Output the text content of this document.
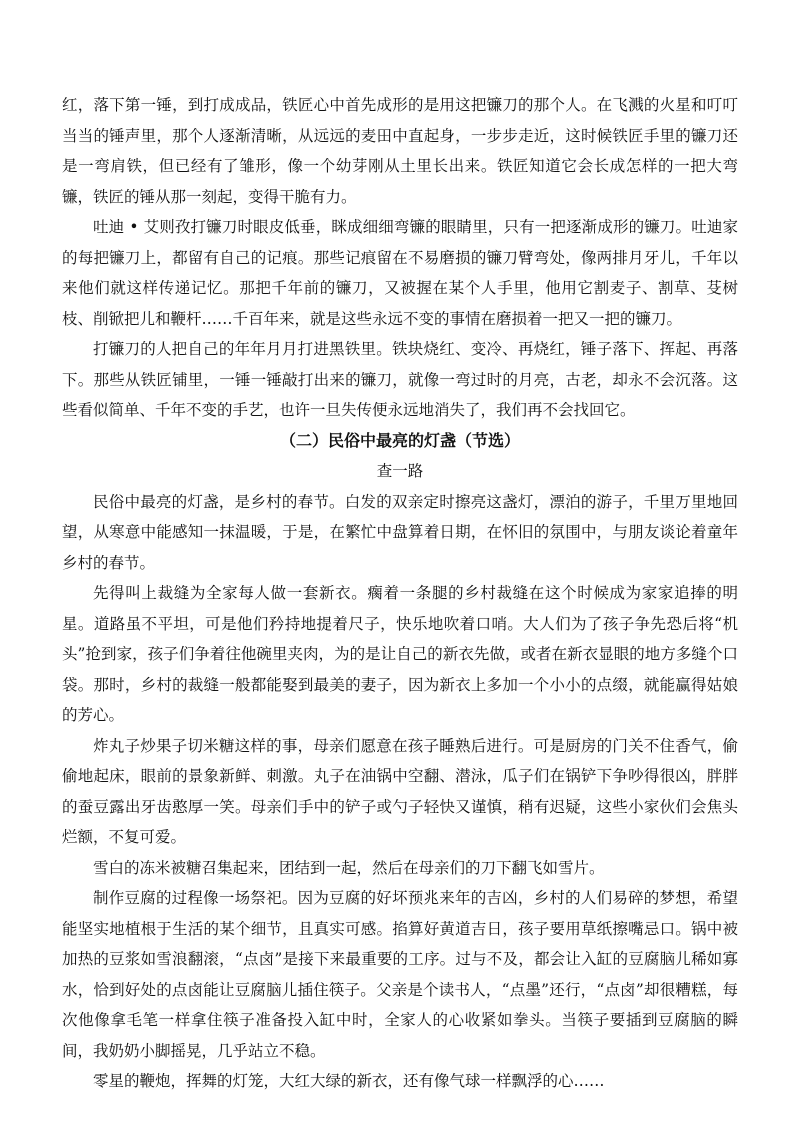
红，落下第一锤，到打成成品，铁匠心中首先成形的是用这把镰刀的那个人。在飞溅的火星和叮叮当当的锤声里，那个人逐渐清晰，从远远的麦田中直起身，一步步走近，这时候铁匠手里的镰刀还是一弯肩铁，但已经有了雏形，像一个幼芽刚从土里长出来。铁匠知道它会长成怎样的一把大弯镰，铁匠的锤从那一刻起，变得干脆有力。

吐迪 • 艾则孜打镰刀时眼皮低垂，眯成细细弯镰的眼睛里，只有一把逐渐成形的镰刀。吐迪家的每把镰刀上，都留有自己的记痕。那些记痕留在不易磨损的镰刀臂弯处，像两排月牙儿，千年以来他们就这样传递记忆。那把千年前的镰刀，又被握在某个人手里，他用它割麦子、割草、芟树枝、削锨把儿和鞭杆……千百年来，就是这些永远不变的事情在磨损着一把又一把的镰刀。

打镰刀的人把自己的年年月月打进黑铁里。铁块烧红、变冷、再烧红，锤子落下、挥起、再落下。那些从铁匠铺里，一锤一锤敲打出来的镰刀，就像一弯过时的月亮，古老，却永不会沉落。这些看似简单、千年不变的手艺，也许一旦失传便永远地消失了，我们再不会找回它。

（二）民俗中最亮的灯盏（节选）
查一路

民俗中最亮的灯盏，是乡村的春节。白发的双亲定时擦亮这盏灯，漂泊的游子，千里万里地回望，从寒意中能感知一抹温暖，于是，在繁忙中盘算着日期，在怀旧的氛围中，与朋友谈论着童年乡村的春节。

先得叫上裁缝为全家每人做一套新衣。瘸着一条腿的乡村裁缝在这个时候成为家家追捧的明星。道路虽不平坦，可是他们矜持地提着尺子，快乐地吹着口哨。大人们为了孩子争先恐后将“机头”抢到家，孩子们争着往他碗里夹肉，为的是让自己的新衣先做，或者在新衣显眼的地方多缝个口袋。那时，乡村的裁缝一般都能娶到最美的妻子，因为新衣上多加一个小小的点缀，就能赢得姑娘的芳心。

炸丸子炒果子切米糖这样的事，母亲们愿意在孩子睡熟后进行。可是厨房的门关不住香气，偷偷地起床，眼前的景象新鲜、刺激。丸子在油锅中空翻、潜泳，瓜子们在锅铲下争吵得很凶，胖胖的蚕豆露出牙齿憨厚一笑。母亲们手中的铲子或勺子轻快又谨慎，稍有迟疑，这些小家伙们会焦头烂额，不复可爱。

雪白的冻米被糖召集起来，团结到一起，然后在母亲们的刀下翻飞如雪片。

制作豆腐的过程像一场祭祀。因为豆腐的好坏预兆来年的吉凶，乡村的人们易碎的梦想，希望能坚实地植根于生活的某个细节，且真实可感。掐算好黄道吉日，孩子要用草纸擦嘴忌口。锅中被加热的豆浆如雪浪翻滚，“点卤”是接下来最重要的工序。过与不及，都会让入缸的豆腐脑儿稀如寡水，恰到好处的点卤能让豆腐脑儿插住筷子。父亲是个读书人，“点墨”还行，“点卤”却很糟糕，每次他像拿毛笔一样拿住筷子准备投入缸中时，全家人的心收紧如拳头。当筷子要插到豆腐脑的瞬间，我奶奶小脚摇晃，几乎站立不稳。

零星的鞭炮，挥舞的灯笼，大红大绿的新衣，还有像气球一样飘浮的心……
